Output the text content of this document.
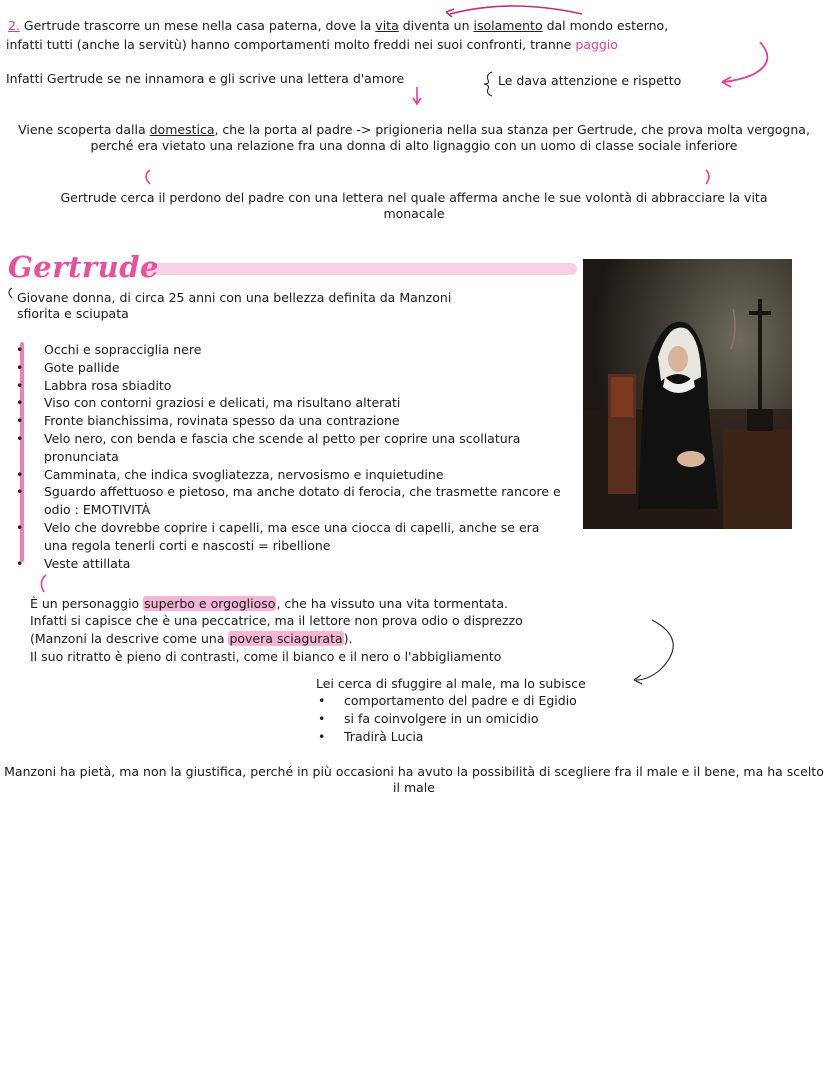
2. Gertrude trascorre un mese nella casa paterna, dove la vita diventa un isolamento dal mondo esterno,
infatti tutti (anche la servitù) hanno comportamenti molto freddi nei suoi confronti, tranne paggio
Infatti Gertrude se ne innamora e gli scrive una lettera d'amore	Le dava attenzione e rispetto
Viene scoperta dalla domestica, che la porta al padre -> prigioneria nella sua stanza per Gertrude, che prova molta vergogna, perché era vietato una relazione fra una donna di alto lignaggio con un uomo di classe sociale inferiore
Gertrude cerca il perdono del padre con una lettera nel quale afferma anche le sue volontà di abbracciare la vita monacale
Gertrude
Giovane donna, di circa 25 anni con una bellezza definita da Manzoni
sfiorita e sciupata
• Occhi e sopracciglia nere
• Gote pallide
• Labbra rosa sbiadito
• Viso con contorni graziosi e delicati, ma risultano alterati
• Fronte bianchissima, rovinata spesso da una contrazione
• Velo nero, con benda e fascia che scende al petto per coprire una scollatura pronunciata
• Camminata, che indica svogliatezza, nervosismo e inquietudine
• Sguardo affettuoso e pietoso, ma anche dotato di ferocia, che trasmette rancore e odio : EMOTIVITÀ
• Velo che dovrebbe coprire i capelli, ma esce una ciocca di capelli, anche se era una regola tenerli corti e nascosti = ribellione
• Veste attillata
È un personaggio superbo e orgoglioso, che ha vissuto una vita tormentata.
Infatti si capisce che è una peccatrice, ma il lettore non prova odio o disprezzo
(Manzoni la descrive come una povera sciagurata).
Il suo ritratto è pieno di contrasti, come il bianco e il nero o l'abbigliamento
Lei cerca di sfuggire al male, ma lo subisce
• comportamento del padre e di Egidio
• si fa coinvolgere in un omicidio
• Tradirà Lucia
Manzoni ha pietà, ma non la giustifica, perché in più occasioni ha avuto la possibilità di scegliere fra il male e il bene, ma ha scelto il male
